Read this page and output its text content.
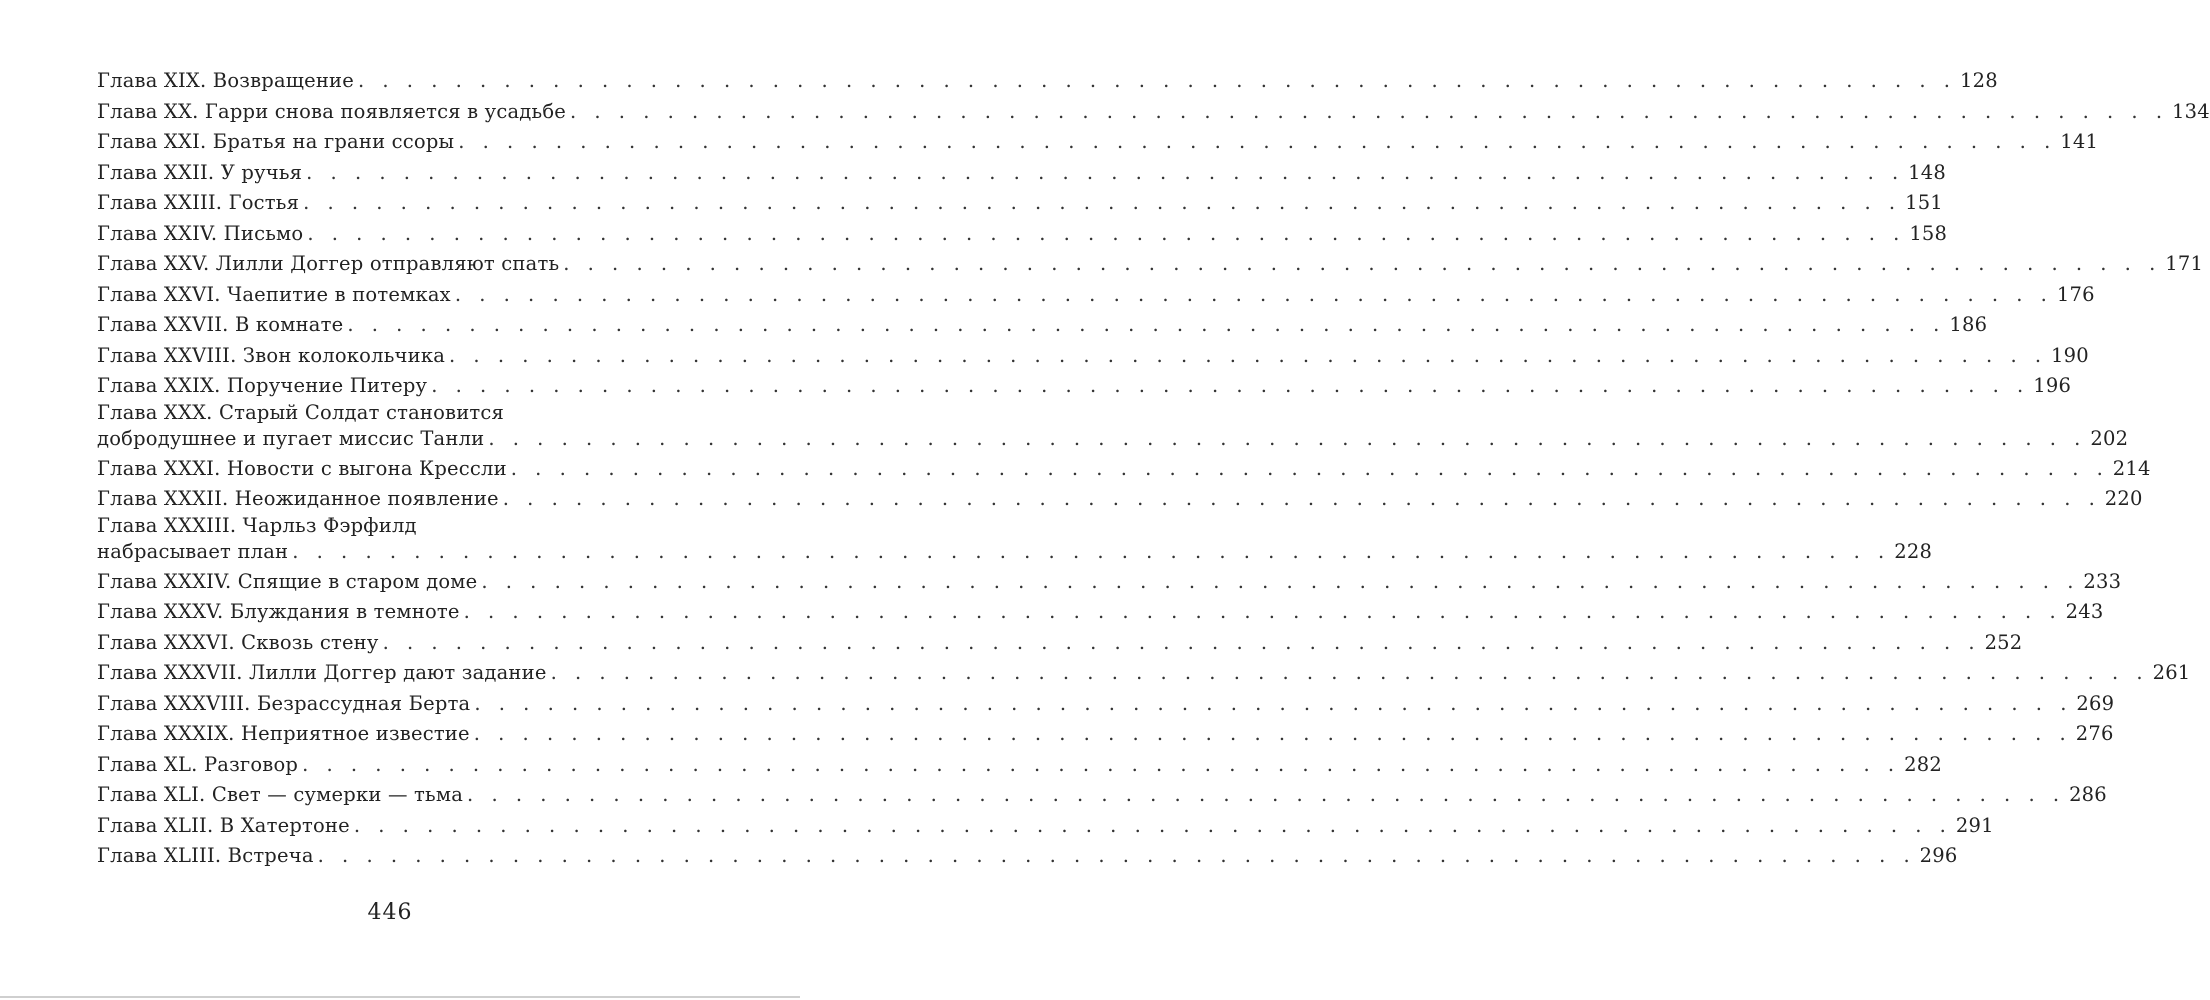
Глава XIX. Возвращение . . . . . . . . . . . . . . . . . . . . . . . . . . . . . . . . . . . . . . . . . . . . . . . . . . . . . . . . . . . . . . . . . . 128
Глава XX. Гарри снова появляется в усадьбе . . . . . . . . . . . . . . . . . . . . . . . . . . . . . . . . . . . . . . . . . . . . . . . . . . . . . . . . . . . . . . . . . . 134
Глава XXI. Братья на грани ссоры . . . . . . . . . . . . . . . . . . . . . . . . . . . . . . . . . . . . . . . . . . . . . . . . . . . . . . . . . . . . . . . . . . 141
Глава XXII. У ручья . . . . . . . . . . . . . . . . . . . . . . . . . . . . . . . . . . . . . . . . . . . . . . . . . . . . . . . . . . . . . . . . . . 148
Глава XXIII. Гостья . . . . . . . . . . . . . . . . . . . . . . . . . . . . . . . . . . . . . . . . . . . . . . . . . . . . . . . . . . . . . . . . . . 151
Глава XXIV. Письмо . . . . . . . . . . . . . . . . . . . . . . . . . . . . . . . . . . . . . . . . . . . . . . . . . . . . . . . . . . . . . . . . . . 158
Глава XXV. Лилли Доггер отправляют спать . . . . . . . . . . . . . . . . . . . . . . . . . . . . . . . . . . . . . . . . . . . . . . . . . . . . . . . . . . . . . . . . . . 171
Глава XXVI. Чаепитие в потемках . . . . . . . . . . . . . . . . . . . . . . . . . . . . . . . . . . . . . . . . . . . . . . . . . . . . . . . . . . . . . . . . . . 176
Глава XXVII. В комнате . . . . . . . . . . . . . . . . . . . . . . . . . . . . . . . . . . . . . . . . . . . . . . . . . . . . . . . . . . . . . . . . . . 186
Глава XXVIII. Звон колокольчика . . . . . . . . . . . . . . . . . . . . . . . . . . . . . . . . . . . . . . . . . . . . . . . . . . . . . . . . . . . . . . . . . . 190
Глава XXIX. Поручение Питеру . . . . . . . . . . . . . . . . . . . . . . . . . . . . . . . . . . . . . . . . . . . . . . . . . . . . . . . . . . . . . . . . . . 196
Глава XXX. Старый Солдат становится
добродушнее и пугает миссис Танли . . . . . . . . . . . . . . . . . . . . . . . . . . . . . . . . . . . . . . . . . . . . . . . . . . . . . . . . . . . . . . . . . . 202
Глава XXXI. Новости с выгона Крессли . . . . . . . . . . . . . . . . . . . . . . . . . . . . . . . . . . . . . . . . . . . . . . . . . . . . . . . . . . . . . . . . . . 214
Глава XXXII. Неожиданное появление . . . . . . . . . . . . . . . . . . . . . . . . . . . . . . . . . . . . . . . . . . . . . . . . . . . . . . . . . . . . . . . . . . 220
Глава XXXIII. Чарльз Фэрфилд
набрасывает план . . . . . . . . . . . . . . . . . . . . . . . . . . . . . . . . . . . . . . . . . . . . . . . . . . . . . . . . . . . . . . . . . . 228
Глава XXXIV. Спящие в старом доме . . . . . . . . . . . . . . . . . . . . . . . . . . . . . . . . . . . . . . . . . . . . . . . . . . . . . . . . . . . . . . . . . . 233
Глава XXXV. Блуждания в темноте . . . . . . . . . . . . . . . . . . . . . . . . . . . . . . . . . . . . . . . . . . . . . . . . . . . . . . . . . . . . . . . . . . 243
Глава XXXVI. Сквозь стену . . . . . . . . . . . . . . . . . . . . . . . . . . . . . . . . . . . . . . . . . . . . . . . . . . . . . . . . . . . . . . . . . . 252
Глава XXXVII. Лилли Доггер дают задание . . . . . . . . . . . . . . . . . . . . . . . . . . . . . . . . . . . . . . . . . . . . . . . . . . . . . . . . . . . . . . . . . . 261
Глава XXXVIII. Безрассудная Берта . . . . . . . . . . . . . . . . . . . . . . . . . . . . . . . . . . . . . . . . . . . . . . . . . . . . . . . . . . . . . . . . . . 269
Глава XXXIX. Неприятное известие . . . . . . . . . . . . . . . . . . . . . . . . . . . . . . . . . . . . . . . . . . . . . . . . . . . . . . . . . . . . . . . . . . 276
Глава XL. Разговор . . . . . . . . . . . . . . . . . . . . . . . . . . . . . . . . . . . . . . . . . . . . . . . . . . . . . . . . . . . . . . . . . . 282
Глава XLI. Свет — сумерки — тьма . . . . . . . . . . . . . . . . . . . . . . . . . . . . . . . . . . . . . . . . . . . . . . . . . . . . . . . . . . . . . . . . . . 286
Глава XLII. В Хатертоне . . . . . . . . . . . . . . . . . . . . . . . . . . . . . . . . . . . . . . . . . . . . . . . . . . . . . . . . . . . . . . . . . . 291
Глава XLIII. Встреча . . . . . . . . . . . . . . . . . . . . . . . . . . . . . . . . . . . . . . . . . . . . . . . . . . . . . . . . . . . . . . . . . . 296
446
